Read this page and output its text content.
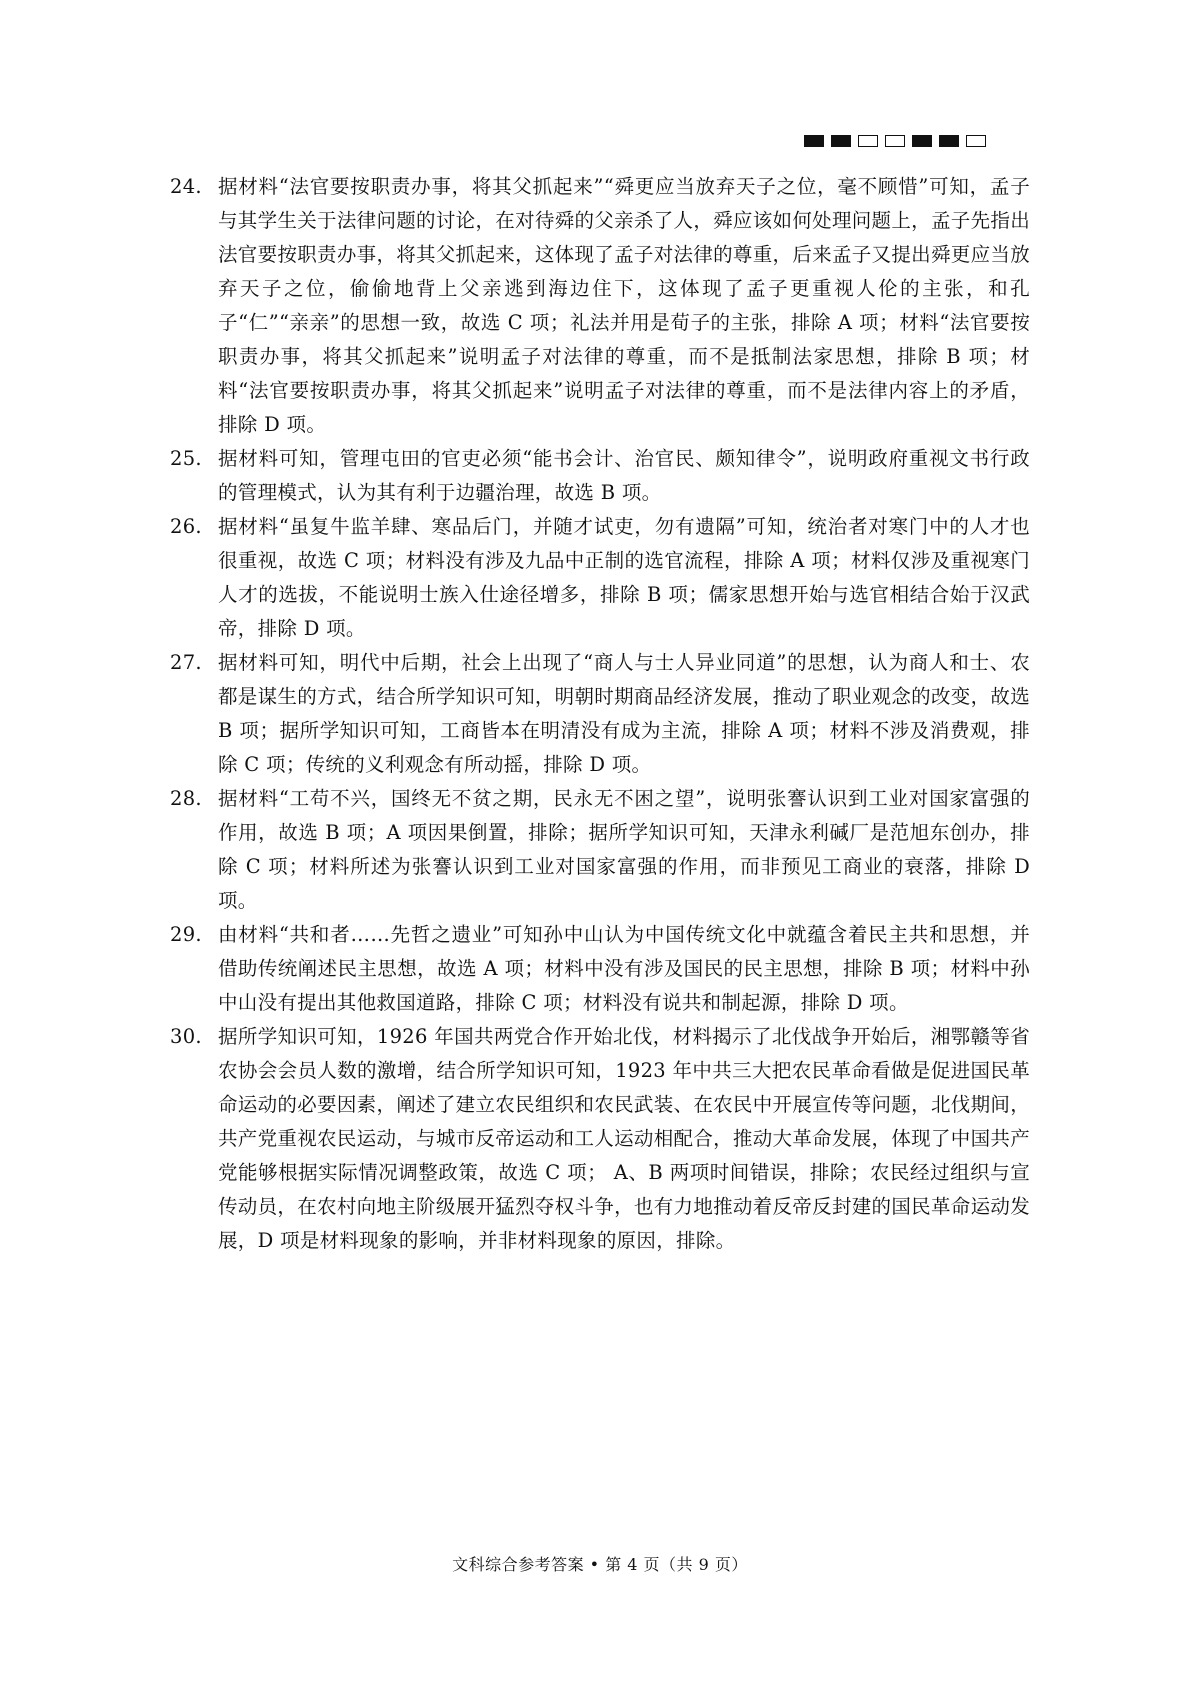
24. 据材料“法官要按职责办事，将其父抓起来”“舜更应当放弃天子之位，毫不顾惜”可知，孟子与其学生关于法律问题的讨论，在对待舜的父亲杀了人，舜应该如何处理问题上，孟子先指出法官要按职责办事，将其父抓起来，这体现了孟子对法律的尊重，后来孟子又提出舜更应当放弃天子之位，偷偷地背上父亲逃到海边住下，这体现了孟子更重视人伦的主张，和孔子“仁”“亲亲”的思想一致，故选 C 项；礼法并用是荀子的主张，排除 A 项；材料“法官要按职责办事，将其父抓起来”说明孟子对法律的尊重，而不是抵制法家思想，排除 B 项；材料“法官要按职责办事，将其父抓起来”说明孟子对法律的尊重，而不是法律内容上的矛盾，排除 D 项。
25. 据材料可知，管理屯田的官吏必须“能书会计、治官民、颇知律令”，说明政府重视文书行政的管理模式，认为其有利于边疆治理，故选 B 项。
26. 据材料“虽复牛监羊肆、寒品后门，并随才试吏，勿有遗隔”可知，统治者对寒门中的人才也很重视，故选 C 项；材料没有涉及九品中正制的选官流程，排除 A 项；材料仅涉及重视寒门人才的选拔，不能说明士族入仕途径增多，排除 B 项；儒家思想开始与选官相结合始于汉武帝，排除 D 项。
27. 据材料可知，明代中后期，社会上出现了“商人与士人异业同道”的思想，认为商人和士、农都是谋生的方式，结合所学知识可知，明朝时期商品经济发展，推动了职业观念的改变，故选 B 项；据所学知识可知，工商皆本在明清没有成为主流，排除 A 项；材料不涉及消费观，排除 C 项；传统的义利观念有所动摇，排除 D 项。
28. 据材料“工苟不兴，国终无不贫之期，民永无不困之望”，说明张謇认识到工业对国家富强的作用，故选 B 项；A 项因果倒置，排除；据所学知识可知，天津永利碱厂是范旭东创办，排除 C 项；材料所述为张謇认识到工业对国家富强的作用，而非预见工商业的衰落，排除 D 项。
29. 由材料“共和者……先哲之遗业”可知孙中山认为中国传统文化中就蕴含着民主共和思想，并借助传统阐述民主思想，故选 A 项；材料中没有涉及国民的民主思想，排除 B 项；材料中孙中山没有提出其他救国道路，排除 C 项；材料没有说共和制起源，排除 D 项。
30. 据所学知识可知，1926 年国共两党合作开始北伐，材料揭示了北伐战争开始后，湘鄂赣等省农协会会员人数的激增，结合所学知识可知，1923 年中共三大把农民革命看做是促进国民革命运动的必要因素，阐述了建立农民组织和农民武装、在农民中开展宣传等问题，北伐期间，共产党重视农民运动，与城市反帝运动和工人运动相配合，推动大革命发展，体现了中国共产党能够根据实际情况调整政策，故选 C 项； A、B 两项时间错误，排除；农民经过组织与宣传动员，在农村向地主阶级展开猛烈夺权斗争，也有力地推动着反帝反封建的国民革命运动发展，D 项是材料现象的影响，并非材料现象的原因，排除。
文科综合参考答案 • 第 4 页（共 9 页）
